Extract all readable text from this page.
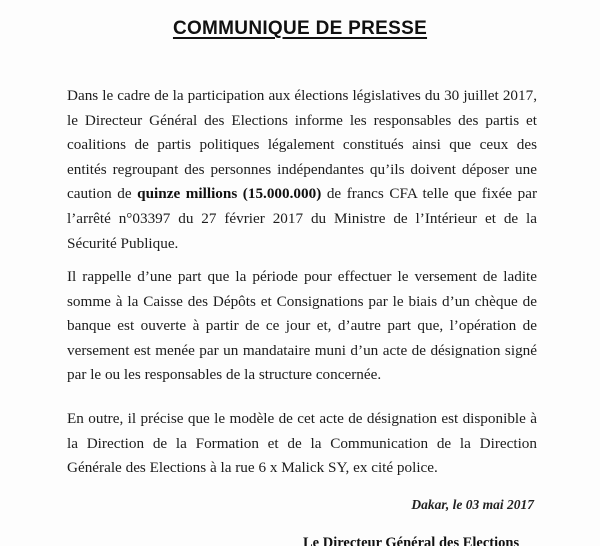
COMMUNIQUE DE PRESSE
Dans le cadre de la participation aux élections législatives du 30 juillet 2017, le Directeur Général des Elections informe les responsables des partis et coalitions de partis politiques légalement constitués ainsi que ceux des entités regroupant des personnes indépendantes qu’ils doivent déposer une caution de quinze millions (15.000.000) de francs CFA telle que fixée par l’arrêté n°03397 du 27 février 2017 du Ministre de l’Intérieur et de la Sécurité Publique.
Il rappelle d’une part que la période pour effectuer le versement de ladite somme à la Caisse des Dépôts et Consignations par le biais d’un chèque de banque est ouverte à partir de ce jour et, d’autre part que, l’opération de versement est menée par un mandataire muni d’un acte de désignation signé par le ou les responsables de la structure concernée.
En outre, il précise que le modèle de cet acte de désignation est disponible à la Direction de la Formation et de la Communication de la Direction Générale des Elections à la rue 6 x Malick SY, ex cité police.
Dakar, le 03 mai 2017
Le Directeur Général des Elections
